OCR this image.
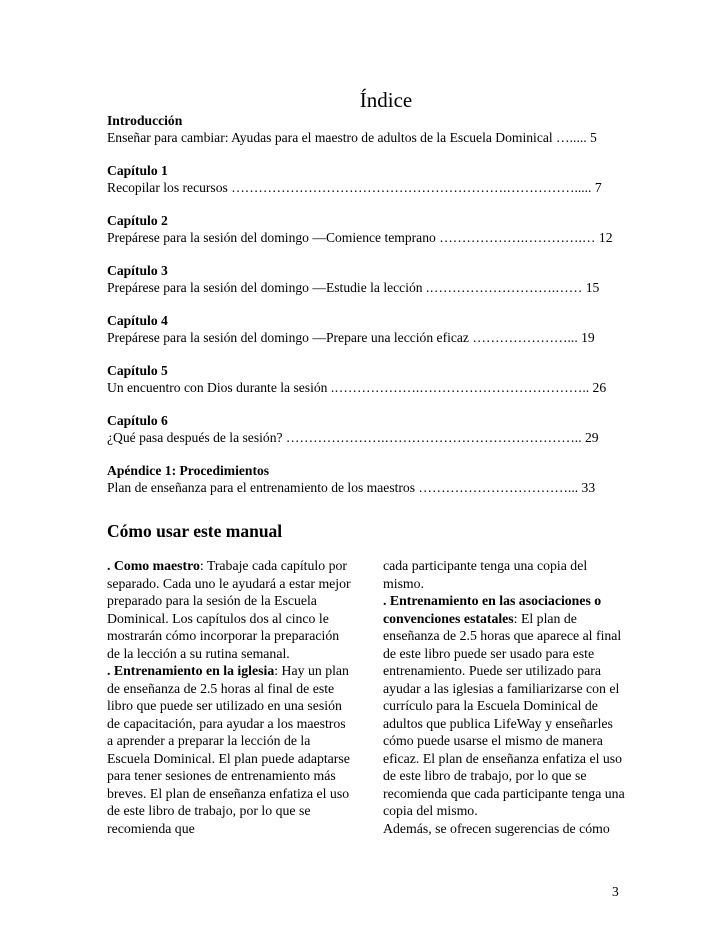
Índice
Introducción
Enseñar para cambiar: Ayudas para el maestro de adultos de la Escuela Dominical …..... 5
Capítulo 1
Recopilar los recursos …………………………………………………….……………..... 7
Capítulo 2
Prepárese para la sesión del domingo —Comience temprano ……………….………….… 12
Capítulo 3
Prepárese para la sesión del domingo —Estudie la lección .……………………….…… 15
Capítulo 4
Prepárese para la sesión del domingo —Prepare una lección eficaz …………………... 19
Capítulo 5
Un encuentro con Dios durante la sesión .……………….……………………………….. 26
Capítulo 6
¿Qué pasa después de la sesión? ………………….…………………………………….. 29
Apéndice 1: Procedimientos
Plan de enseñanza para el entrenamiento de los maestros ……………………………... 33
Cómo usar este manual

. Como maestro: Trabaje cada capítulo por separado. Cada uno le ayudará a estar mejor preparado para la sesión de la Escuela Dominical. Los capítulos dos al cinco le mostrarán cómo incorporar la preparación de la lección a su rutina semanal.

. Entrenamiento en la iglesia: Hay un plan de enseñanza de 2.5 horas al final de este libro que puede ser utilizado en una sesión de capacitación, para ayudar a los maestros a aprender a preparar la lección de la Escuela Dominical. El plan puede adaptarse para tener sesiones de entrenamiento más breves. El plan de enseñanza enfatiza el uso de este libro de trabajo, por lo que se recomienda que

cada participante tenga una copia del mismo.

. Entrenamiento en las asociaciones o convenciones estatales: El plan de enseñanza de 2.5 horas que aparece al final de este libro puede ser usado para este entrenamiento. Puede ser utilizado para ayudar a las iglesias a familiarizarse con el currículo para la Escuela Dominical de adultos que publica LifeWay y enseñarles cómo puede usarse el mismo de manera eficaz. El plan de enseñanza enfatiza el uso de este libro de trabajo, por lo que se recomienda que cada participante tenga una copia del mismo.

Además, se ofrecen sugerencias de cómo

3
